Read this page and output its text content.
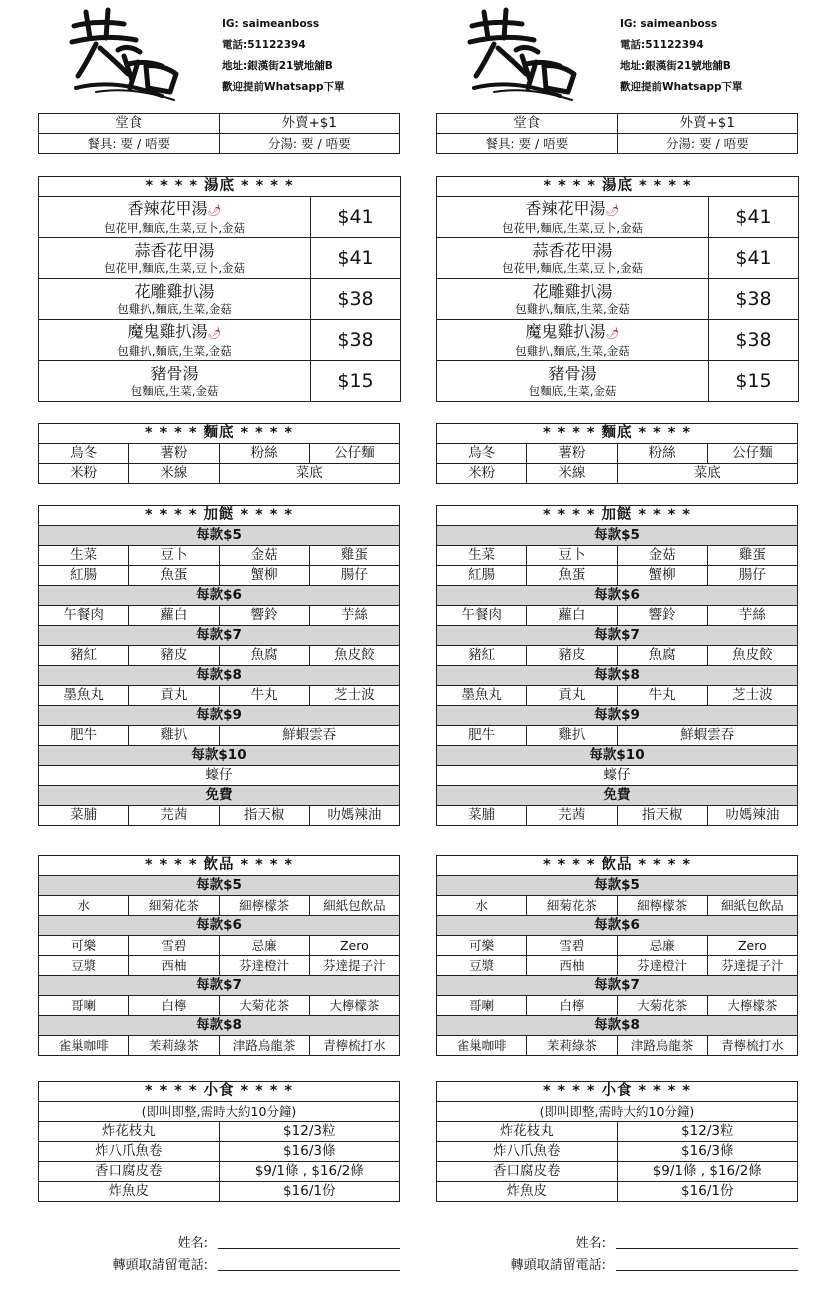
IG: saimeanboss
電話:51122394
地址:銀漢街21號地舖B
歡迎提前Whatsapp下單
堂食	外賣+$1
餐具: 要 / 唔要	分湯: 要 / 唔要
* * * * 湯底 * * * *	

香辣花甲湯🌶
包花甲,麵底,生菜,豆卜,金菇	$41

蒜香花甲湯
包花甲,麵底,生菜,豆卜,金菇	$41

花雕雞扒湯
包雞扒,麵底,生菜,金菇	$38

魔鬼雞扒湯🌶
包雞扒,麵底,生菜,金菇	$38

豬骨湯
包麵底,生菜,金菇	$15
* * * * 麵底 * * * *			
烏冬	薯粉	粉絲	公仔麵
米粉	米線	菜底	
* * * * 加餸 * * * *			
每款$5			
生菜	豆卜	金菇	雞蛋
紅腸	魚蛋	蟹柳	腸仔
每款$6			
午餐肉	蘿白	響鈴	芋絲
每款$7			
豬紅	豬皮	魚腐	魚皮餃
每款$8			
墨魚丸	貢丸	牛丸	芝士波
每款$9			
肥牛	雞扒	鮮蝦雲吞	
每款$10			
蠔仔			
免費			
菜脯	芫茜	指天椒	叻媽辣油
* * * * 飲品 * * * *			
每款$5			
水	細菊花茶	細檸檬茶	細紙包飲品
每款$6			
可樂	雪碧	忌廉	Zero
豆漿	西柚	芬達橙汁	芬達提子汁
每款$7			
哥喇	白檸	大菊花茶	大檸檬茶
每款$8			
雀巢咖啡	茉莉綠茶	津路烏龍茶	青檸梳打水
* * * * 小食 * * * *	
(即叫即整,需時大約10分鐘)	
炸花枝丸	$12/3粒
炸八爪魚卷	$16/3條
香口腐皮卷	$9/1條 , $16/2條
炸魚皮	$16/1份
姓名:
轉頭取請留電話:
IG: saimeanboss
電話:51122394
地址:銀漢街21號地舖B
歡迎提前Whatsapp下單
堂食	外賣+$1
餐具: 要 / 唔要	分湯: 要 / 唔要
* * * * 湯底 * * * *	

香辣花甲湯🌶
包花甲,麵底,生菜,豆卜,金菇	$41

蒜香花甲湯
包花甲,麵底,生菜,豆卜,金菇	$41

花雕雞扒湯
包雞扒,麵底,生菜,金菇	$38

魔鬼雞扒湯🌶
包雞扒,麵底,生菜,金菇	$38

豬骨湯
包麵底,生菜,金菇	$15
* * * * 麵底 * * * *			
烏冬	薯粉	粉絲	公仔麵
米粉	米線	菜底	
* * * * 加餸 * * * *			
每款$5			
生菜	豆卜	金菇	雞蛋
紅腸	魚蛋	蟹柳	腸仔
每款$6			
午餐肉	蘿白	響鈴	芋絲
每款$7			
豬紅	豬皮	魚腐	魚皮餃
每款$8			
墨魚丸	貢丸	牛丸	芝士波
每款$9			
肥牛	雞扒	鮮蝦雲吞	
每款$10			
蠔仔			
免費			
菜脯	芫茜	指天椒	叻媽辣油
* * * * 飲品 * * * *			
每款$5			
水	細菊花茶	細檸檬茶	細紙包飲品
每款$6			
可樂	雪碧	忌廉	Zero
豆漿	西柚	芬達橙汁	芬達提子汁
每款$7			
哥喇	白檸	大菊花茶	大檸檬茶
每款$8			
雀巢咖啡	茉莉綠茶	津路烏龍茶	青檸梳打水
* * * * 小食 * * * *	
(即叫即整,需時大約10分鐘)	
炸花枝丸	$12/3粒
炸八爪魚卷	$16/3條
香口腐皮卷	$9/1條 , $16/2條
炸魚皮	$16/1份
姓名:
轉頭取請留電話:
